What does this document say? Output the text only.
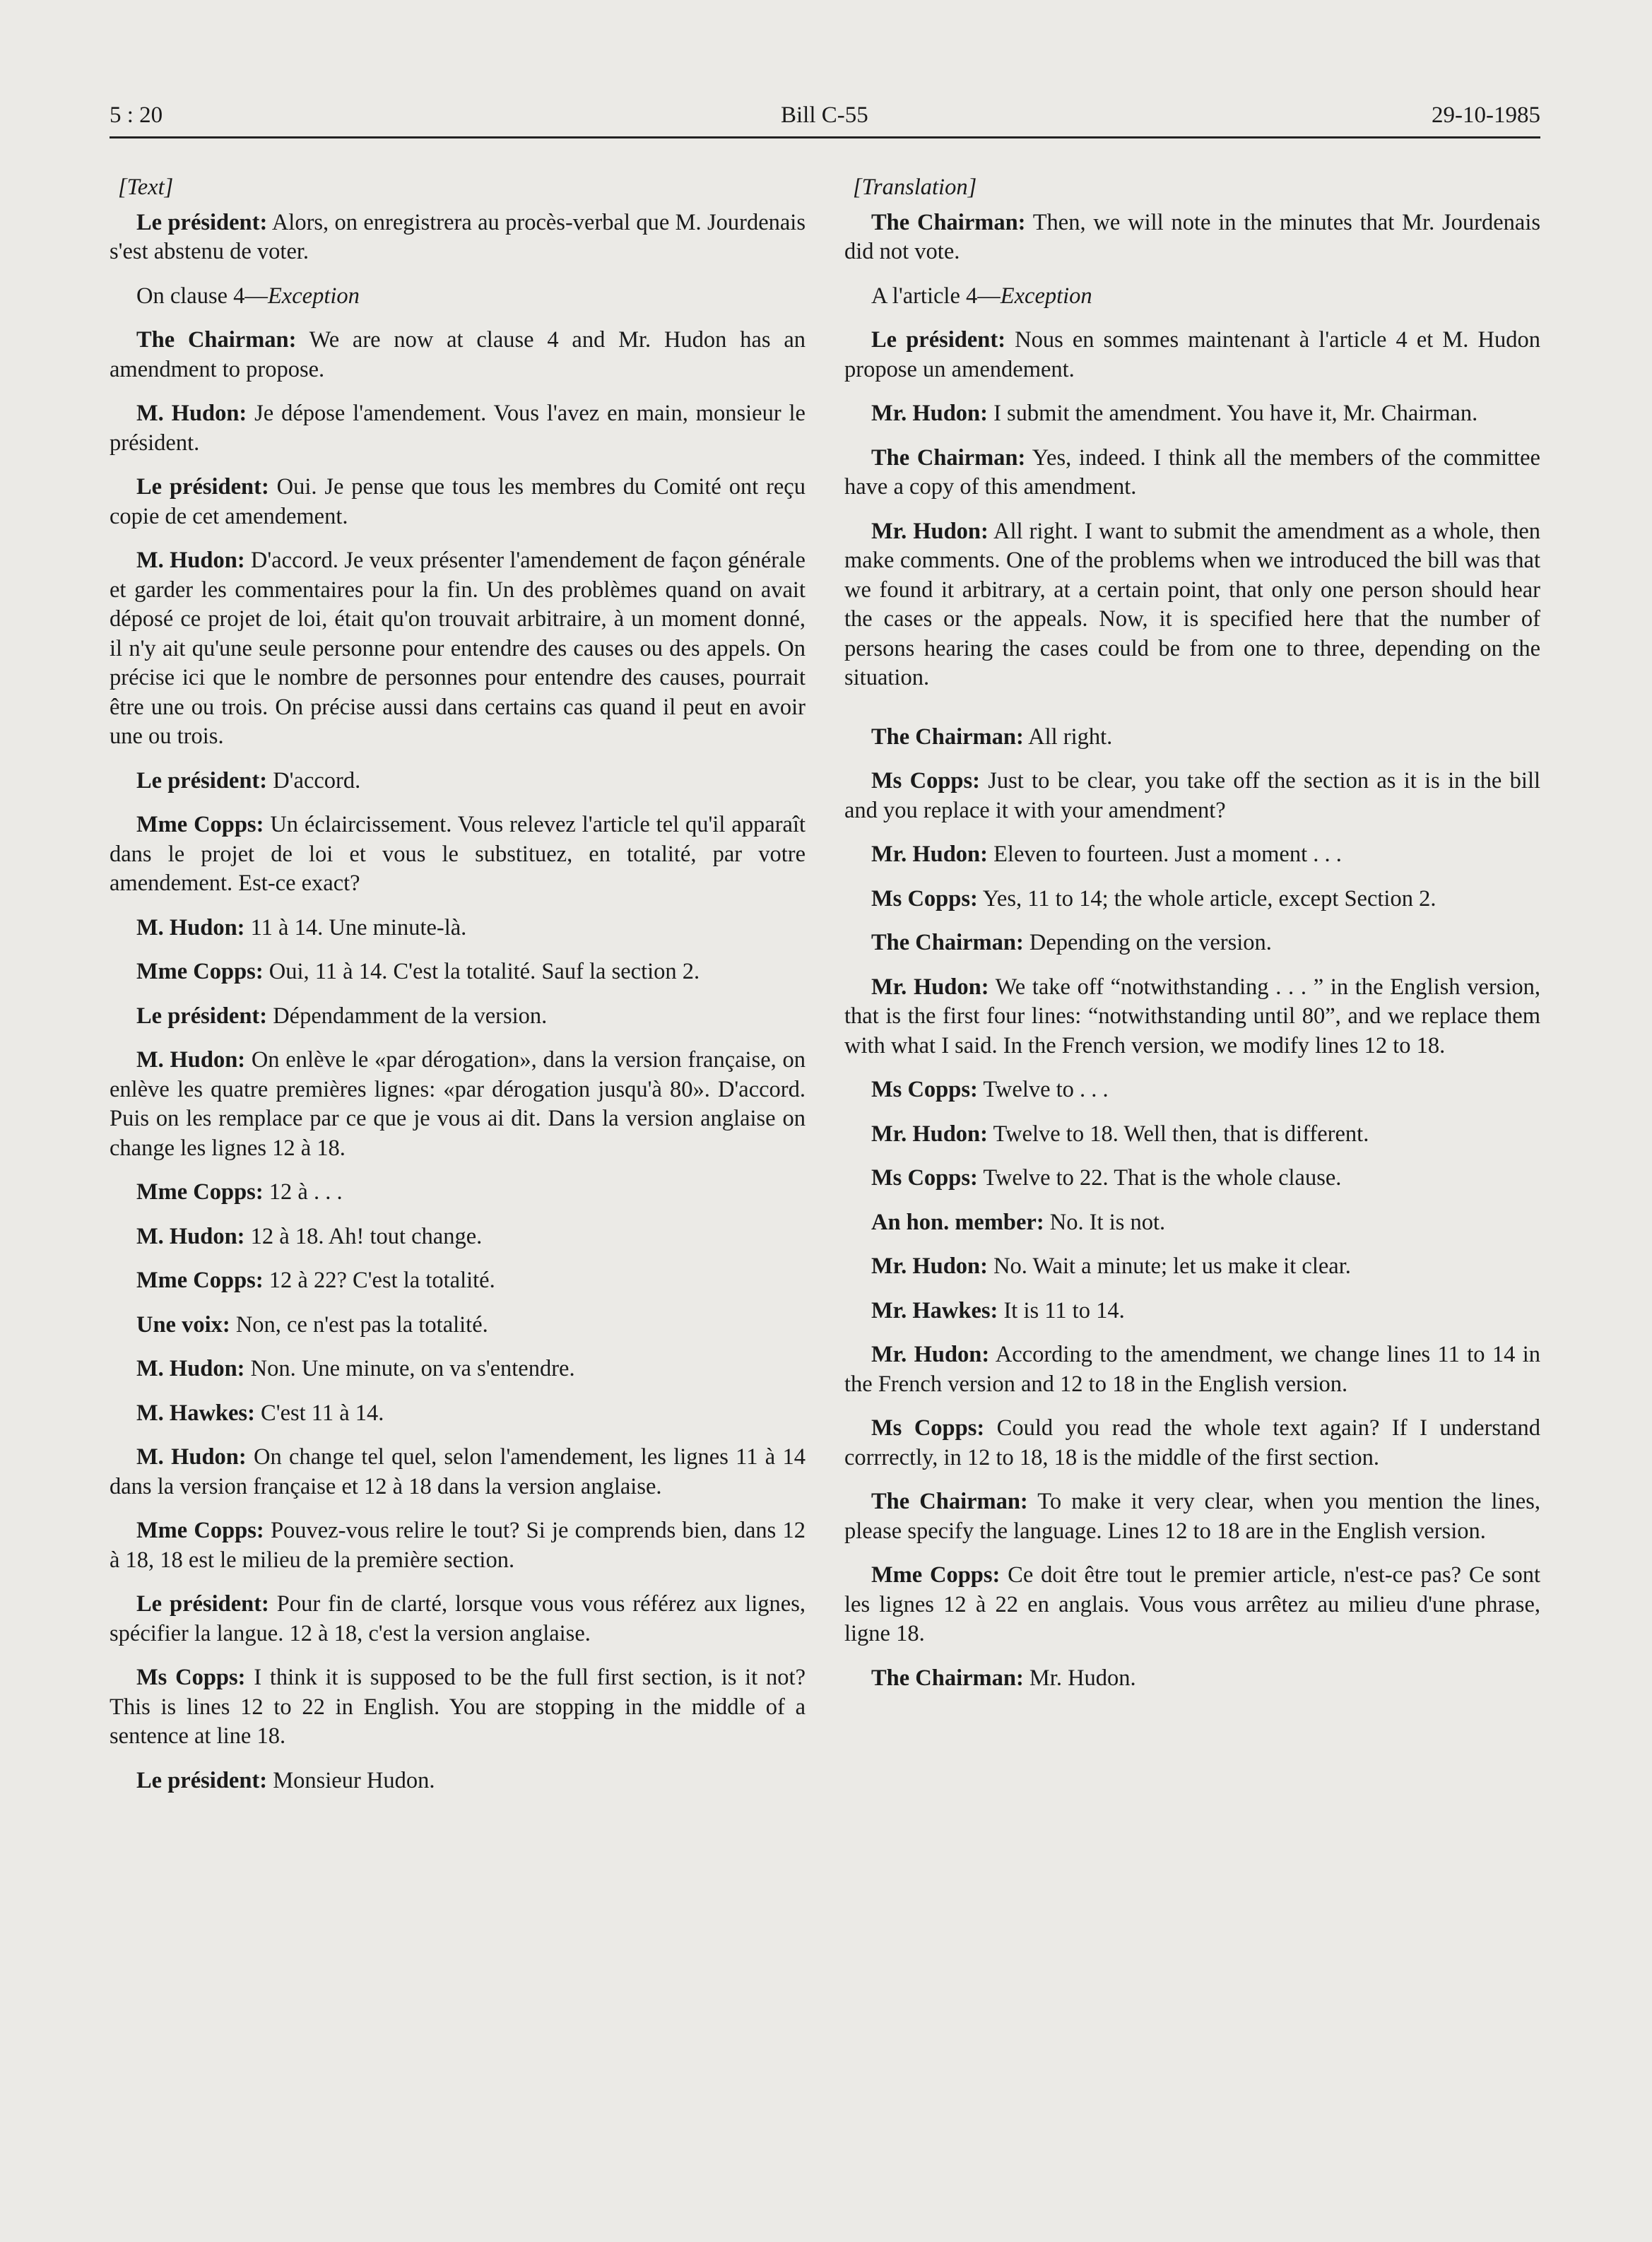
5 : 20	Bill C-55	29-10-1985

[Text]

Le président: Alors, on enregistrera au procès-verbal que M. Jourdenais s'est abstenu de voter.

On clause 4—Exception

The Chairman: We are now at clause 4 and Mr. Hudon has an amendment to propose.

M. Hudon: Je dépose l'amendement. Vous l'avez en main, monsieur le président.

Le président: Oui. Je pense que tous les membres du Comité ont reçu copie de cet amendement.

M. Hudon: D'accord. Je veux présenter l'amendement de façon générale et garder les commentaires pour la fin. Un des problèmes quand on avait déposé ce projet de loi, était qu'on trouvait arbitraire, à un moment donné, il n'y ait qu'une seule personne pour entendre des causes ou des appels. On précise ici que le nombre de personnes pour entendre des causes, pourrait être une ou trois. On précise aussi dans certains cas quand il peut en avoir une ou trois.

Le président: D'accord.

Mme Copps: Un éclaircissement. Vous relevez l'article tel qu'il apparaît dans le projet de loi et vous le substituez, en totalité, par votre amendement. Est-ce exact?

M. Hudon: 11 à 14. Une minute-là.

Mme Copps: Oui, 11 à 14. C'est la totalité. Sauf la section 2.

Le président: Dépendamment de la version.

M. Hudon: On enlève le «par dérogation», dans la version française, on enlève les quatre premières lignes: «par dérogation jusqu'à 80». D'accord. Puis on les remplace par ce que je vous ai dit. Dans la version anglaise on change les lignes 12 à 18.

Mme Copps: 12 à . . .

M. Hudon: 12 à 18. Ah! tout change.

Mme Copps: 12 à 22? C'est la totalité.

Une voix: Non, ce n'est pas la totalité.

M. Hudon: Non. Une minute, on va s'entendre.

M. Hawkes: C'est 11 à 14.

M. Hudon: On change tel quel, selon l'amendement, les lignes 11 à 14 dans la version française et 12 à 18 dans la version anglaise.

Mme Copps: Pouvez-vous relire le tout? Si je comprends bien, dans 12 à 18, 18 est le milieu de la première section.

Le président: Pour fin de clarté, lorsque vous vous référez aux lignes, spécifier la langue. 12 à 18, c'est la version anglaise.

Ms Copps: I think it is supposed to be the full first section, is it not? This is lines 12 to 22 in English. You are stopping in the middle of a sentence at line 18.

Le président: Monsieur Hudon.

[Translation]

The Chairman: Then, we will note in the minutes that Mr. Jourdenais did not vote.

A l'article 4—Exception

Le président: Nous en sommes maintenant à l'article 4 et M. Hudon propose un amendement.

Mr. Hudon: I submit the amendment. You have it, Mr. Chairman.

The Chairman: Yes, indeed. I think all the members of the committee have a copy of this amendment.

Mr. Hudon: All right. I want to submit the amendment as a whole, then make comments. One of the problems when we introduced the bill was that we found it arbitrary, at a certain point, that only one person should hear the cases or the appeals. Now, it is specified here that the number of persons hearing the cases could be from one to three, depending on the situation.

The Chairman: All right.

Ms Copps: Just to be clear, you take off the section as it is in the bill and you replace it with your amendment?

Mr. Hudon: Eleven to fourteen. Just a moment . . .

Ms Copps: Yes, 11 to 14; the whole article, except Section 2.

The Chairman: Depending on the version.

Mr. Hudon: We take off “notwithstanding . . . ” in the English version, that is the first four lines: “notwithstanding until 80”, and we replace them with what I said. In the French version, we modify lines 12 to 18.

Ms Copps: Twelve to . . .

Mr. Hudon: Twelve to 18. Well then, that is different.

Ms Copps: Twelve to 22. That is the whole clause.

An hon. member: No. It is not.

Mr. Hudon: No. Wait a minute; let us make it clear.

Mr. Hawkes: It is 11 to 14.

Mr. Hudon: According to the amendment, we change lines 11 to 14 in the French version and 12 to 18 in the English version.

Ms Copps: Could you read the whole text again? If I understand corrrectly, in 12 to 18, 18 is the middle of the first section.

The Chairman: To make it very clear, when you mention the lines, please specify the language. Lines 12 to 18 are in the English version.

Mme Copps: Ce doit être tout le premier article, n'est-ce pas? Ce sont les lignes 12 à 22 en anglais. Vous vous arrêtez au milieu d'une phrase, ligne 18.

The Chairman: Mr. Hudon.
